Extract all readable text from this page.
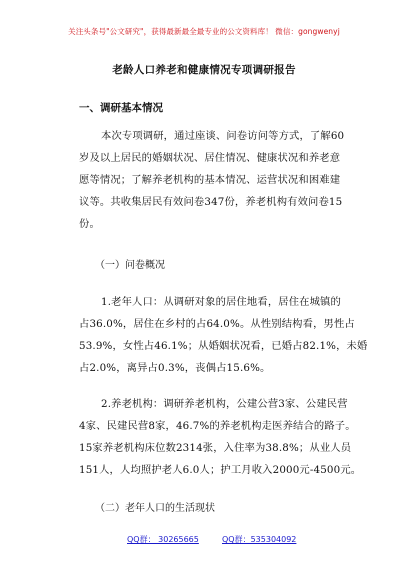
关注头条号"公文研究"，获得最新最全最专业的公文资料库！ 微信：gongwenyj
老龄人口养老和健康情况专项调研报告
一、调研基本情况
本次专项调研，通过座谈、问卷访问等方式，了解60
岁及以上居民的婚姻状况、居住情况、健康状况和养老意
愿等情况；了解养老机构的基本情况、运营状况和困难建
议等。共收集居民有效问卷347份，养老机构有效问卷15
份。
（一）问卷概况
1.老年人口：从调研对象的居住地看，居住在城镇的
占36.0%，居住在乡村的占64.0%。从性别结构看，男性占
53.9%，女性占46.1%；从婚姻状况看，已婚占82.1%，未婚
占2.0%，离异占0.3%，丧偶占15.6%。
2.养老机构：调研养老机构，公建公营3家、公建民营
4家、民建民营8家，46.7%的养老机构走医养结合的路子。
15家养老机构床位数2314张，入住率为38.8%；从业人员
151人，人均照护老人6.0人；护工月收入2000元-4500元。
（二）老年人口的生活现状
QQ群： 30265665	QQ群：535304092
